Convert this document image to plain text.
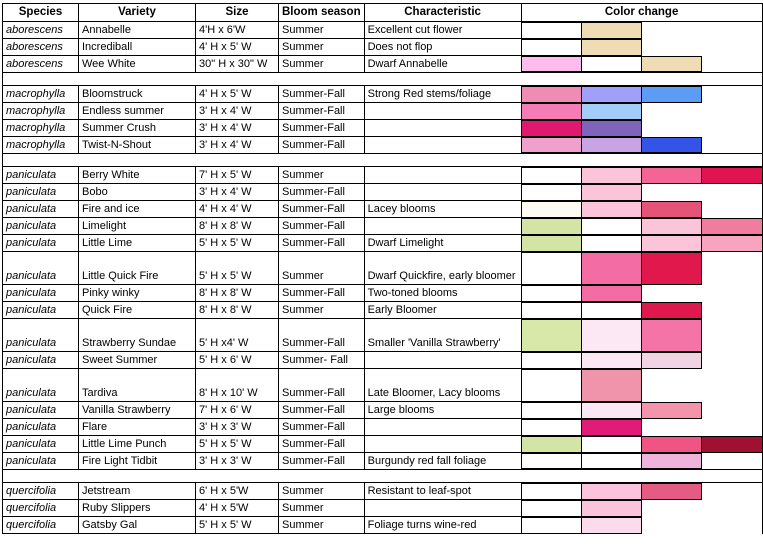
Species	Variety	Size	Bloom season	Characteristic	Color change
aborescens	Annabelle	4'H x 6'W	Summer	Excellent cut flower	

aborescens	Incrediball	4' H x 5' W	Summer	Does not flop	

aborescens	Wee White	30" H x 30" W	Summer	Dwarf Annabelle	

macrophylla	Bloomstruck	4' H x 5' W	Summer-Fall	Strong Red stems/foliage	

macrophylla	Endless summer	3' H x 4' W	Summer-Fall		

macrophylla	Summer Crush	3' H x 4' W	Summer-Fall		

macrophylla	Twist-N-Shout	3' H x 4' W	Summer-Fall		

paniculata	Berry White	7' H x 5' W	Summer		

paniculata	Bobo	3' H x 4' W	Summer-Fall		

paniculata	Fire and ice	4' H x 4' W	Summer-Fall	Lacey blooms	

paniculata	Limelight	8' H x 8' W	Summer-Fall		

paniculata	Little Lime	5' H x 5' W	Summer-Fall	Dwarf Limelight	

paniculata	Little Quick Fire	5' H x 5' W	Summer	Dwarf Quickfire, early bloomer	

paniculata	Pinky winky	8' H x 8' W	Summer-Fall	Two-toned blooms	

paniculata	Quick Fire	8' H x 8' W	Summer	Early Bloomer	

paniculata	Strawberry Sundae	5' H x4' W	Summer-Fall	Smaller 'Vanilla Strawberry'	

paniculata	Sweet Summer	5' H x 6' W	Summer- Fall		

paniculata	Tardiva	8' H x 10' W	Summer-Fall	Late Bloomer, Lacy blooms	

paniculata	Vanilla Strawberry	7' H x 6' W	Summer-Fall	Large blooms	

paniculata	Flare	3' H x 3' W	Summer-Fall		

paniculata	Little Lime Punch	5' H x 5' W	Summer-Fall		

paniculata	Fire Light Tidbit	3' H x 3' W	Summer-Fall	Burgundy red fall foliage	

quercifolia	Jetstream	6' H x 5'W	Summer	Resistant to leaf-spot	

quercifolia	Ruby Slippers	4' H x 5'W	Summer		

quercifolia	Gatsby Gal	5' H x 5' W	Summer	Foliage turns wine-red	
